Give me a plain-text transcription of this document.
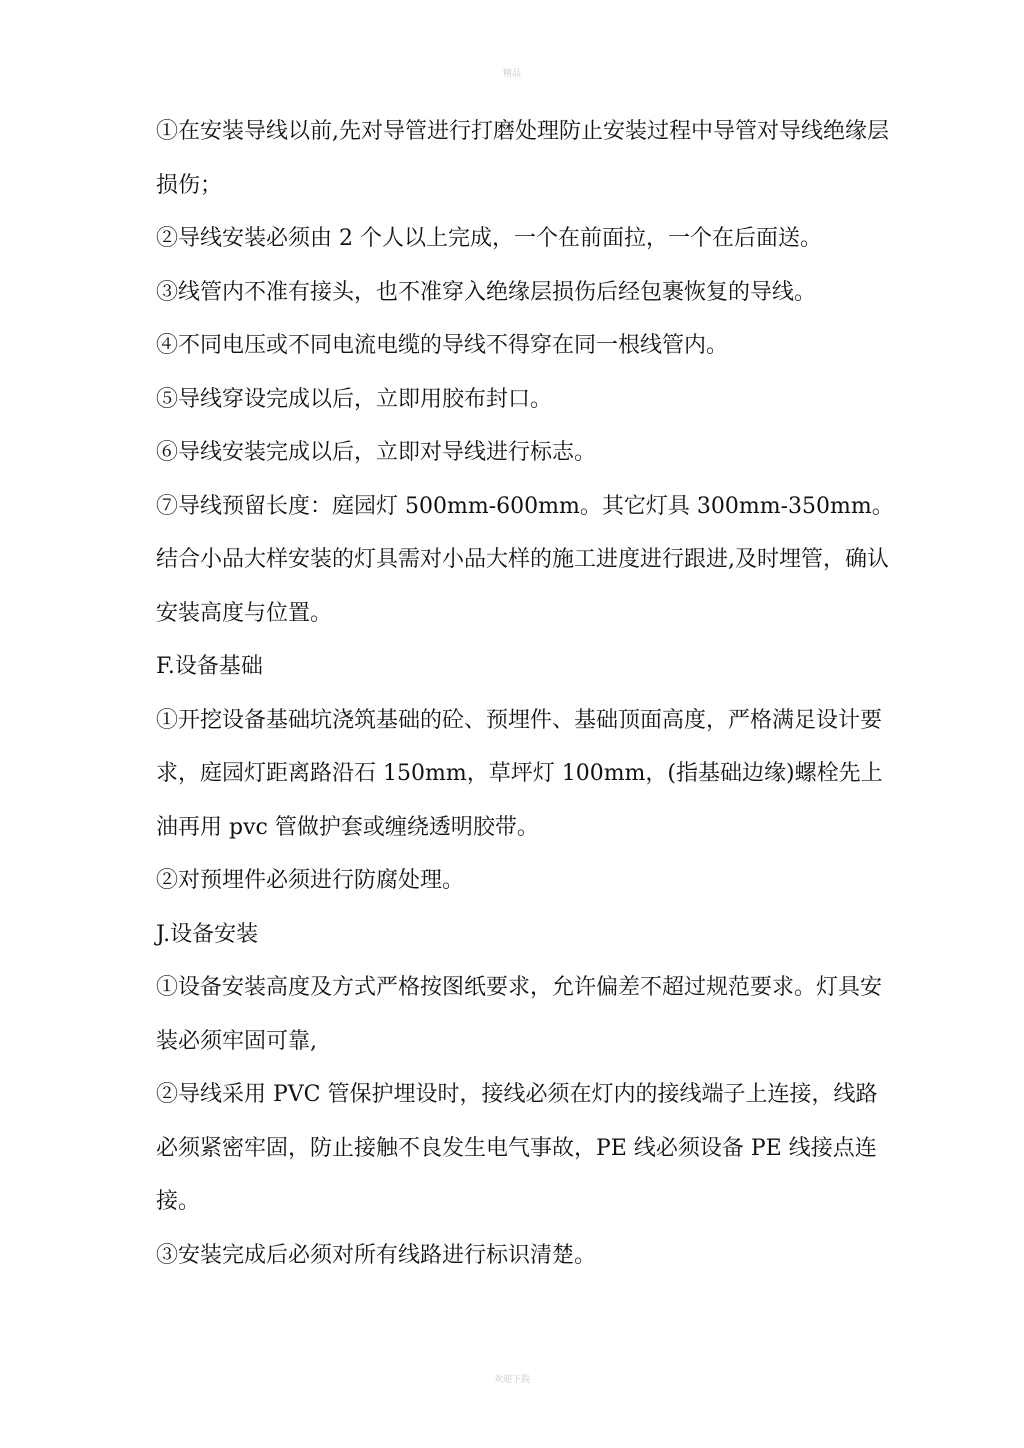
精品

①在安装导线以前,先对导管进行打磨处理防止安装过程中导管对导线绝缘层损伤；

②导线安装必须由 2 个人以上完成，一个在前面拉，一个在后面送。

③线管内不准有接头，也不准穿入绝缘层损伤后经包裹恢复的导线。

④不同电压或不同电流电缆的导线不得穿在同一根线管内。

⑤导线穿设完成以后，立即用胶布封口。

⑥导线安装完成以后，立即对导线进行标志。

⑦导线预留长度：庭园灯 500mm-600mm。其它灯具 300mm-350mm。

结合小品大样安装的灯具需对小品大样的施工进度进行跟进,及时埋管，确认安装高度与位置。

F.设备基础

①开挖设备基础坑浇筑基础的砼、预埋件、基础顶面高度，严格满足设计要求，庭园灯距离路沿石 150mm，草坪灯 100mm，(指基础边缘)螺栓先上油再用 pvc 管做护套或缠绕透明胶带。

②对预埋件必须进行防腐处理。

J.设备安装

①设备安装高度及方式严格按图纸要求，允许偏差不超过规范要求。灯具安装必须牢固可靠,

②导线采用 PVC 管保护埋设时，接线必须在灯内的接线端子上连接，线路必须紧密牢固，防止接触不良发生电气事故，PE 线必须设备 PE 线接点连接。

③安装完成后必须对所有线路进行标识清楚。

欢迎下载
